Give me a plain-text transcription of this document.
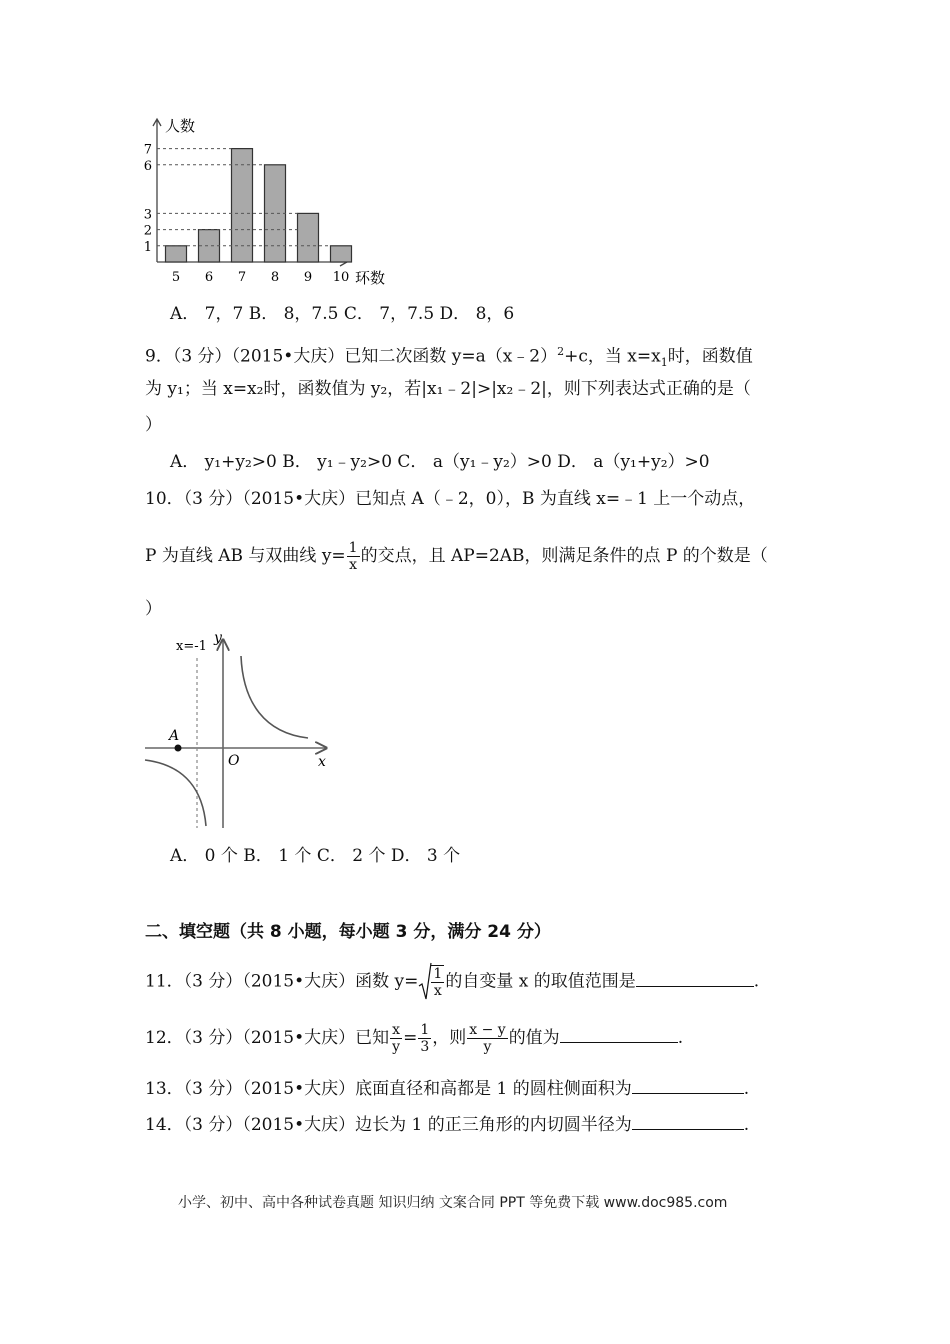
1
2
3
6
7
5 6 7 8 9 10
人数
环数
A． 7，7 B． 8，7.5 C． 7，7.5 D． 8，6
9．（3 分）（2015•大庆）已知二次函数 y=a（x﹣2）$^2$+c，当 $x=x_1$时，函数值
为 y₁；当 x=x₂时，函数值为 y₂，若|x₁﹣2|>|x₂﹣2|，则下列表达式正确的是（
）
A． y₁+y₂>0 B． y₁﹣y₂>0 C． a（y₁﹣y₂）>0 D． a（y₁+y₂）>0
10．（3 分）（2015•大庆）已知点 A（﹣2，0），B 为直线 x=﹣1 上一个动点，
P 为直线 AB 与双曲线 $y= \frac{1}{x}$ 的交点，且 AP=2AB，则满足条件的点 P 的个数是（
）
x=-1
y
x
O
A
A． 0 个 B． 1 个 C． 2 个 D． 3 个
二、填空题（共 8 小题，每小题 3 分，满分 24 分）
11．（3 分）（2015•大庆）函数 $y= \frac{1}{x}$ 的自变量 x 的取值范围是	.
12．（3 分）（2015•大庆）已知 $\frac{x}{y} = \frac{1}{3}$ ，则 $\frac{x - y}{y}$ 的值为	.
13．（3 分）（2015•大庆）底面直径和高都是 1 的圆柱侧面积为	.
14．（3 分）（2015•大庆）边长为 1 的正三角形的内切圆半径为	.
小学、初中、高中各种试卷真题 知识归纳 文案合同 PPT 等免费下载 www.doc985.com
